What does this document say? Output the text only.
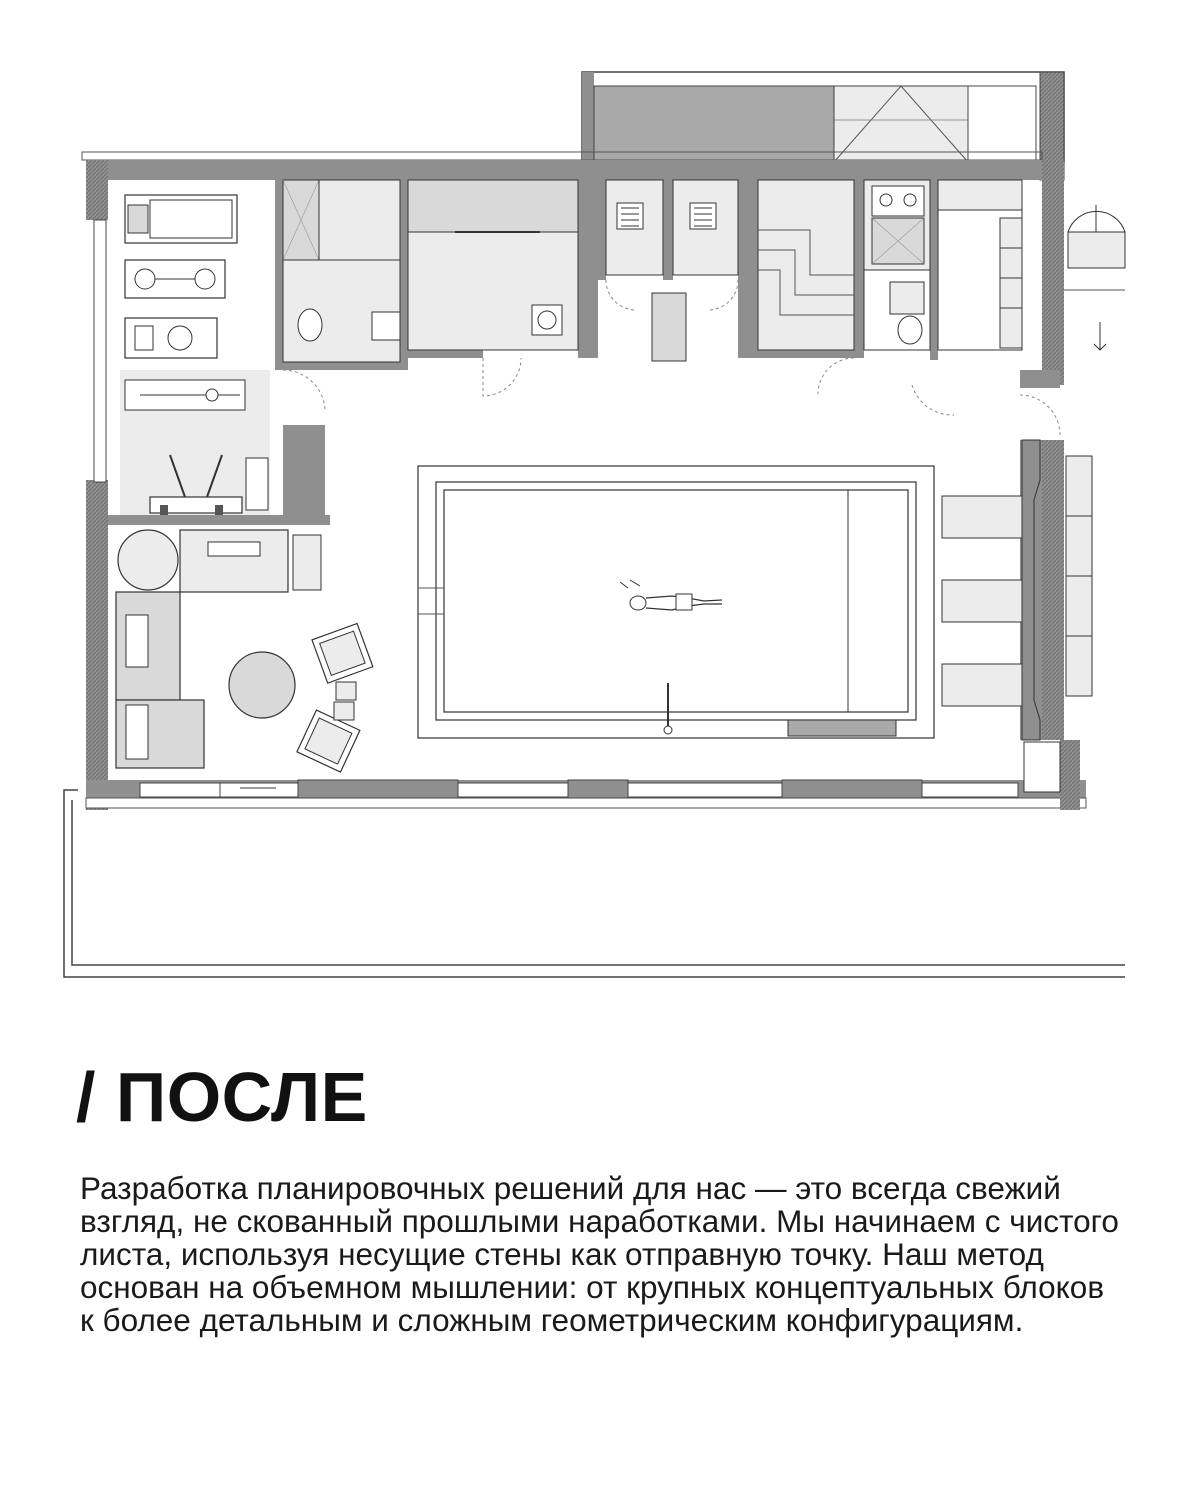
/ ПОСЛЕ

Разработка планировочных решений для нас — это всегда свежий взгляд, не скованный прошлыми наработками. Мы начинаем с чистого листа, используя несущие стены как отправную точку. Наш метод основан на объемном мышлении: от крупных концептуальных блоков к более детальным и сложным геометрическим конфигурациям.
